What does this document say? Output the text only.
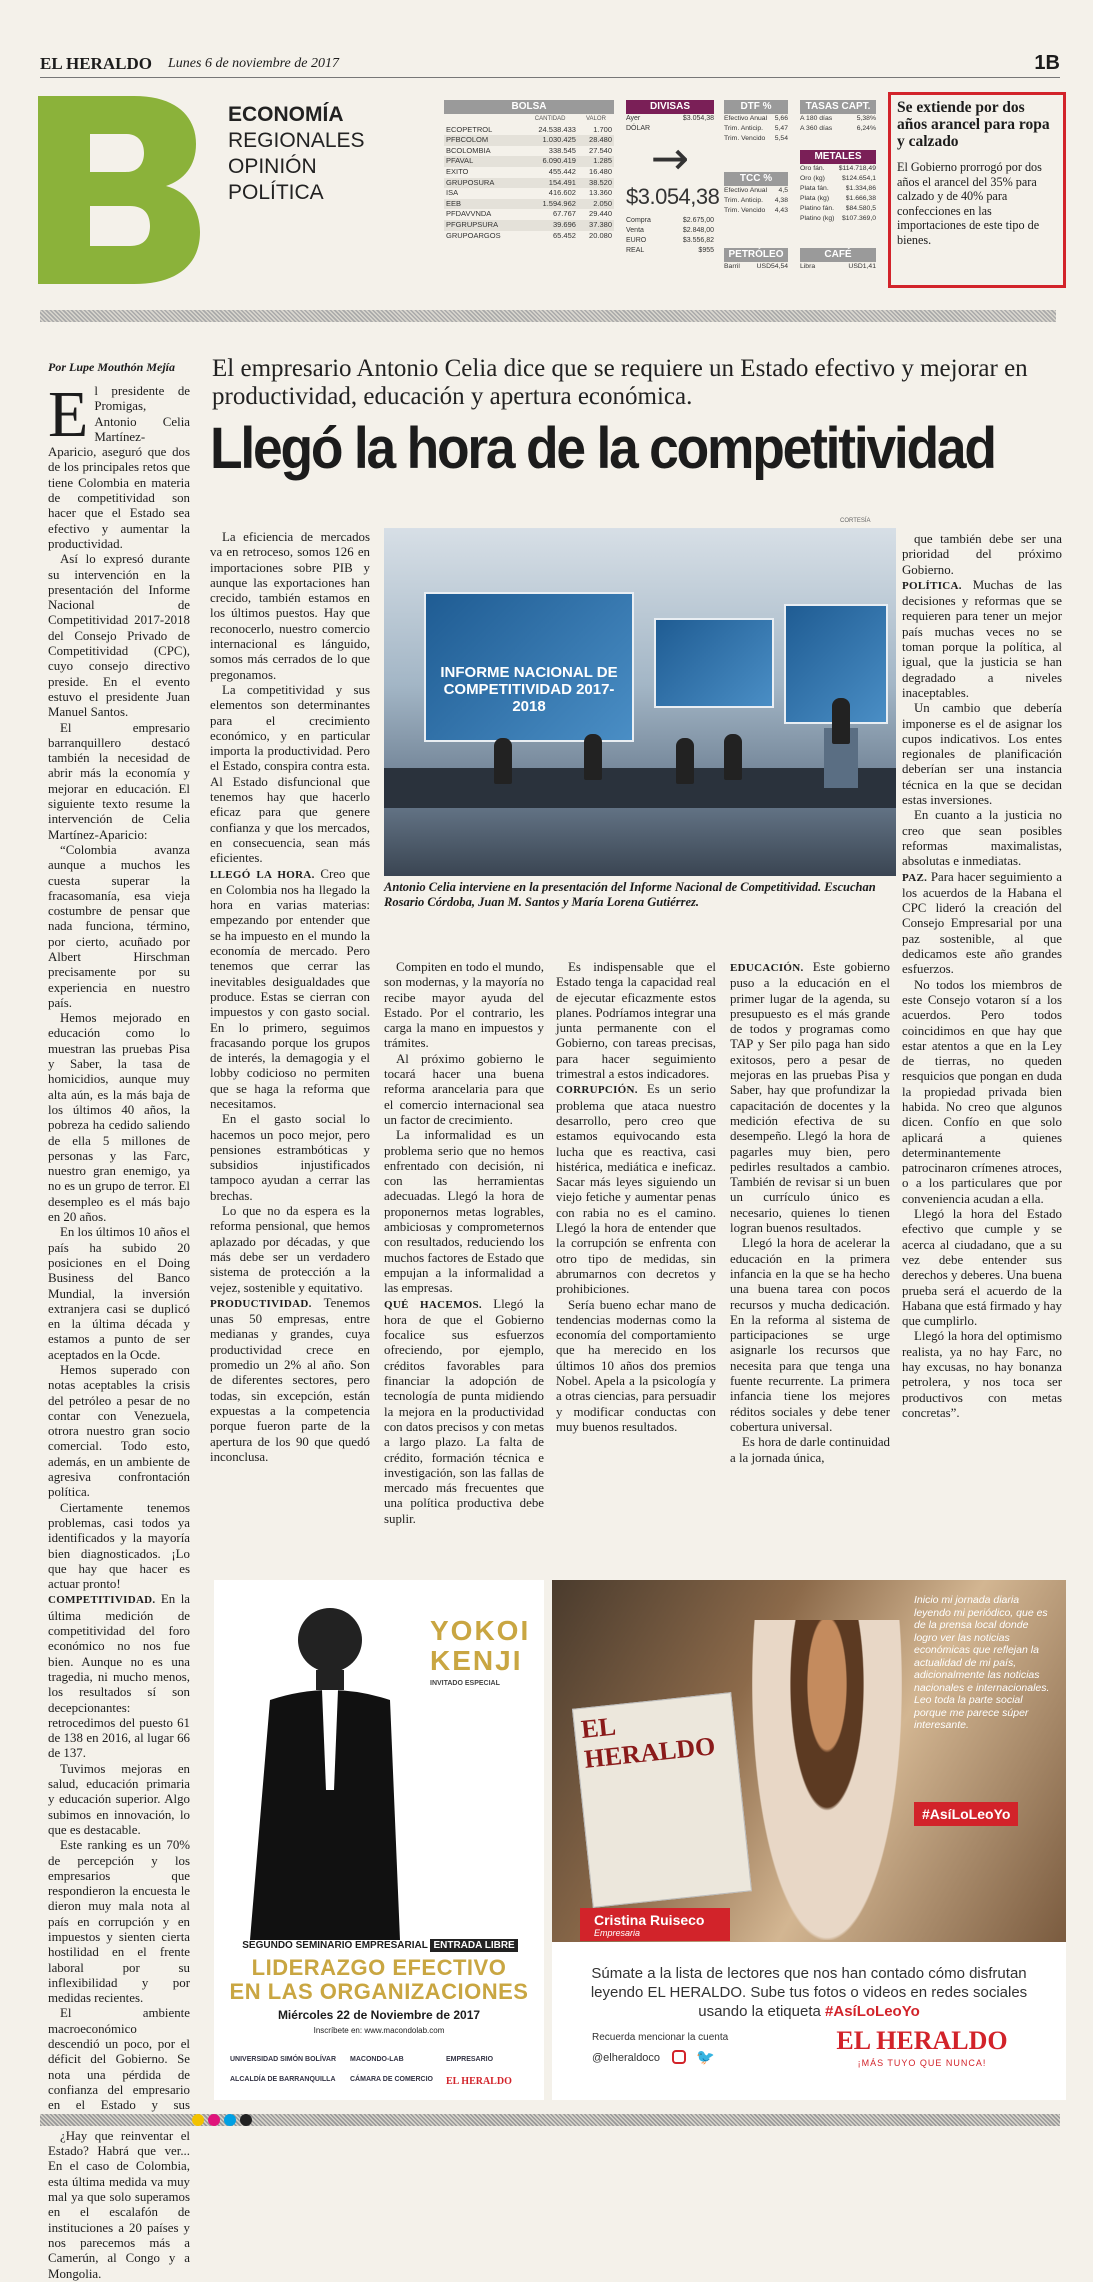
EL HERALDO Lunes 6 de noviembre de 2017	1B
ECONOMÍA
REGIONALES
OPINIÓN
POLÍTICA
BOLSA
	CANTIDAD	VALOR
ECOPETROL	24.538.433	1.700
PFBCOLOM	1.030.425	28.480
BCOLOMBIA	338.545	27.540
PFAVAL	6.090.419	1.285
EXITO	455.442	16.480
GRUPOSURA	154.491	38.520
ISA	416.602	13.360
EEB	1.594.962	2.050
PFDAVVNDA	67.767	29.440
PFGRUPSURA	39.696	37.380
GRUPOARGOS	65.452	20.080
DIVISAS
Ayer	$3.054,38
DÓLAR
→
$3.054,38
Compra	$2.675,00
Venta	$2.848,00
EURO	$3.556,82
REAL	$955
DTF %
Efectivo Anual 5,66
Trim. Anticip. 5,47
Trim. Vencido 5,54
TCC %
Efectivo Anual 4,5
Trim. Anticip. 4,38
Trim. Vencido 4,43
PETRÓLEO
Barril USD54,54
TASAS CAPT.
A 180 días	5,38%
A 360 días	6,24%
METALES
Oro fán. $114.718,49
Oro (kg)	$124.654,1
Plata fán.	$1.334,86
Plata (kg) $1.666,38
Platino fán. $84.580,5
Platino (kg) $107.369,0
CAFÉ
Libra	USD1,41
Se extiende por dos años arancel para ropa y calzado

El Gobierno prorrogó por dos años el arancel del 35% para calzado y de 40% para confecciones en las importaciones de este tipo de bienes.

Por Lupe Mouthón Mejía El empresario Antonio Celia dice que se requiere un Estado efectivo y mejorar en productividad, educación y apertura económica.
Llegó la hora de la competitividad
E l presidente de Promigas, Antonio Celia Martínez-Aparicio, aseguró que dos de los principales retos que tiene Colombia en materia de competitividad son hacer que el Estado sea efectivo y aumentar la productividad.

Así lo expresó durante su intervención en la presentación del Informe Nacional de Competitividad 2017-2018 del Consejo Privado de Competitividad (CPC), cuyo consejo directivo preside. En el evento estuvo el presidente Juan Manuel Santos.

El empresario barranquillero destacó también la necesidad de abrir más la economía y mejorar en educación. El siguiente texto resume la intervención de Celia Martínez-Aparicio:

“Colombia avanza aunque a muchos les cuesta superar la fracasomanía, esa vieja costumbre de pensar que nada funciona, término, por cierto, acuñado por Albert Hirschman precisamente por su experiencia en nuestro país.

Hemos mejorado en educación como lo muestran las pruebas Pisa y Saber, la tasa de homicidios, aunque muy alta aún, es la más baja de los últimos 40 años, la pobreza ha cedido saliendo de ella 5 millones de personas y las Farc, nuestro gran enemigo, ya no es un grupo de terror. El desempleo es el más bajo en 20 años.

En los últimos 10 años el país ha subido 20 posiciones en el Doing Business del Banco Mundial, la inversión extranjera casi se duplicó en la última década y estamos a punto de ser aceptados en la Ocde.

Hemos superado con notas aceptables la crisis del petróleo a pesar de no contar con Venezuela, otrora nuestro gran socio comercial. Todo esto, además, en un ambiente de agresiva confrontación política.

Ciertamente tenemos problemas, casi todos ya identificados y la mayoría bien diagnosticados. ¡Lo que hay que hacer es actuar pronto!

COMPETITIVIDAD. En la última medición de competitividad del foro económico no nos fue bien. Aunque no es una tragedia, ni mucho menos, los resultados sí son decepcionantes: retrocedimos del puesto 61 de 138 en 2016, al lugar 66 de 137.

Tuvimos mejoras en salud, educación primaria y educación superior. Algo subimos en innovación, lo que es destacable.

Este ranking es un 70% de percepción y los empresarios que respondieron la encuesta le dieron muy mala nota al país en corrupción y en impuestos y sienten cierta hostilidad en el frente laboral por su inflexibilidad y por medidas recientes.

El ambiente macroeconómico descendió un poco, por el déficit del Gobierno. Se nota una pérdida de confianza del empresario en el Estado y sus

¿Hay que reinventar el Estado? Habrá que ver... En el caso de Colombia, esta última medida va muy mal ya que solo superamos en el escalafón de instituciones a 20 países y nos parecemos más a Camerún, al Congo y a Mongolia.

La eficiencia de mercados va en retroceso, somos 126 en importaciones sobre PIB y aunque las exportaciones han crecido, también estamos en los últimos puestos. Hay que reconocerlo, nuestro comercio internacional es lánguido, somos más cerrados de lo que pregonamos.

La competitividad y sus elementos son determinantes para el crecimiento económico, y en particular importa la productividad. Pero el Estado, conspira contra esta. Al Estado disfuncional que tenemos hay que hacerlo eficaz para que genere confianza y que los mercados, en consecuencia, sean más eficientes.

LLEGÓ LA HORA. Creo que en Colombia nos ha llegado la hora en varias materias: empezando por entender que se ha impuesto en el mundo la economía de mercado. Pero tenemos que cerrar las inevitables desigualdades que produce. Estas se cierran con impuestos y con gasto social. En lo primero, seguimos fracasando porque los grupos de interés, la demagogia y el lobby codicioso no permiten que se haga la reforma que necesitamos.

En el gasto social lo hacemos un poco mejor, pero pensiones estrambóticas y subsidios injustificados tampoco ayudan a cerrar las brechas.

Lo que no da espera es la reforma pensional, que hemos aplazado por décadas, y que más debe ser un verdadero sistema de protección a la vejez, sostenible y equitativo.

PRODUCTIVIDAD. Tenemos unas 50 empresas, entre medianas y grandes, cuya productividad crece en promedio un 2% al año. Son de diferentes sectores, pero todas, sin excepción, están expuestas a la competencia porque fueron parte de la apertura de los 90 que quedó inconclusa.

Compiten en todo el mundo, son modernas, y la mayoría no recibe mayor ayuda del Estado. Por el contrario, les carga la mano en impuestos y trámites.

Al próximo gobierno le tocará hacer una buena reforma arancelaria para que el comercio internacional sea un factor de crecimiento.

La informalidad es un problema serio que no hemos enfrentado con decisión, ni con las herramientas adecuadas. Llegó la hora de proponernos metas logrables, ambiciosas y comprometernos con resultados, reduciendo los muchos factores de Estado que empujan a la informalidad a las empresas.

QUÉ HACEMOS. Llegó la hora de que el Gobierno focalice sus esfuerzos ofreciendo, por ejemplo, créditos favorables para financiar la adopción de tecnología de punta midiendo la mejora en la productividad con datos precisos y con metas a largo plazo. La falta de crédito, formación técnica e investigación, son las fallas de mercado más frecuentes que una política productiva debe suplir.

Es indispensable que el Estado tenga la capacidad real de ejecutar eficazmente estos planes. Podríamos integrar una junta permanente con el Gobierno, con tareas precisas, para hacer seguimiento trimestral a estos indicadores.

CORRUPCIÓN. Es un serio problema que ataca nuestro desarrollo, pero creo que estamos equivocando esta lucha que es reactiva, casi histérica, mediática e ineficaz. Sacar más leyes siguiendo un viejo fetiche y aumentar penas con rabia no es el camino. Llegó la hora de entender que la corrupción se enfrenta con otro tipo de medidas, sin abrumarnos con decretos y prohibiciones.

Sería bueno echar mano de tendencias modernas como la economía del comportamiento que ha merecido en los últimos 10 años dos premios Nobel. Apela a la psicología y a otras ciencias, para persuadir y modificar conductas con muy buenos resultados.

EDUCACIÓN. Este gobierno puso a la educación en el primer lugar de la agenda, su presupuesto es el más grande de todos y programas como TAP y Ser pilo paga han sido exitosos, pero a pesar de mejoras en las pruebas Pisa y Saber, hay que profundizar la capacitación de docentes y la medición efectiva de su desempeño. Llegó la hora de pagarles muy bien, pero pedirles resultados a cambio. También de revisar si un buen un currículo único es necesario, quienes lo tienen logran buenos resultados.

Llegó la hora de acelerar la educación en la primera infancia en la que se ha hecho una buena tarea con pocos recursos y mucha dedicación. En la reforma al sistema de participaciones se urge asignarle los recursos que necesita para que tenga una fuente recurrente. La primera infancia tiene los mejores réditos sociales y debe tener cobertura universal.

Es hora de darle continuidad a la jornada única,

que también debe ser una prioridad del próximo Gobierno.

POLÍTICA. Muchas de las decisiones y reformas que se requieren para tener un mejor país muchas veces no se toman porque la política, al igual, que la justicia se han degradado a niveles inaceptables.

Un cambio que debería imponerse es el de asignar los cupos indicativos. Los entes regionales de planificación deberían ser una instancia técnica en la que se decidan estas inversiones.

En cuanto a la justicia no creo que sean posibles reformas maximalistas, absolutas e inmediatas.

PAZ. Para hacer seguimiento a los acuerdos de la Habana el CPC lideró la creación del Consejo Empresarial por una paz sostenible, al que dedicamos este año grandes esfuerzos.

No todos los miembros de este Consejo votaron sí a los acuerdos. Pero todos coincidimos en que hay que estar atentos a que en la Ley de tierras, no queden resquicios que pongan en duda la propiedad privada bien habida. No creo que algunos dicen. Confío en que solo aplicará a quienes determinantemente patrocinaron crímenes atroces, o a los particulares que por conveniencia acudan a ella.

Llegó la hora del Estado efectivo que cumple y se acerca al ciudadano, que a su vez debe entender sus derechos y deberes. Una buena prueba será el acuerdo de la Habana que está firmado y hay que cumplirlo.

Llegó la hora del optimismo realista, ya no hay Farc, no hay excusas, no hay bonanza petrolera, y nos toca ser productivos con metas concretas”.

CORTESÍA
INFORME NACIONAL DE COMPETITIVIDAD 2017-2018
Antonio Celia interviene en la presentación del Informe Nacional de Competitividad. Escuchan Rosario Córdoba, Juan M. Santos y María Lorena Gutiérrez.
YOKOI
KENJI
INVITADO ESPECIAL
SEGUNDO SEMINARIO EMPRESARIAL ENTRADA LIBRE
LIDERAZGO EFECTIVO
EN LAS ORGANIZACIONES
Miércoles 22 de Noviembre de 2017
Inscríbete en: www.macondolab.com
UNIVERSIDAD SIMÓN BOLÍVAR MACONDO-LAB	EMPRESARIO
ALCALDÍA DE BARRANQUILLA CÁMARA DE COMERCIO EL HERALDO
EL HERALDO
Inicio mi jornada diaria leyendo mi periódico, que es de la prensa local donde logro ver las noticias económicas que reflejan la actualidad de mi país, adicionalmente las noticias nacionales e internacionales. Leo toda la parte social porque me parece súper interesante.
#AsíLoLeoYo
Cristina Ruiseco
Empresaria
Súmate a la lista de lectores que nos han contado cómo disfrutan leyendo EL HERALDO. Sube tus fotos o videos en redes sociales usando la etiqueta #AsíLoLeoYo
Recuerda mencionar la cuenta
@elheraldoco 🐦
EL HERALDO
¡MÁS TUYO QUE NUNCA!
